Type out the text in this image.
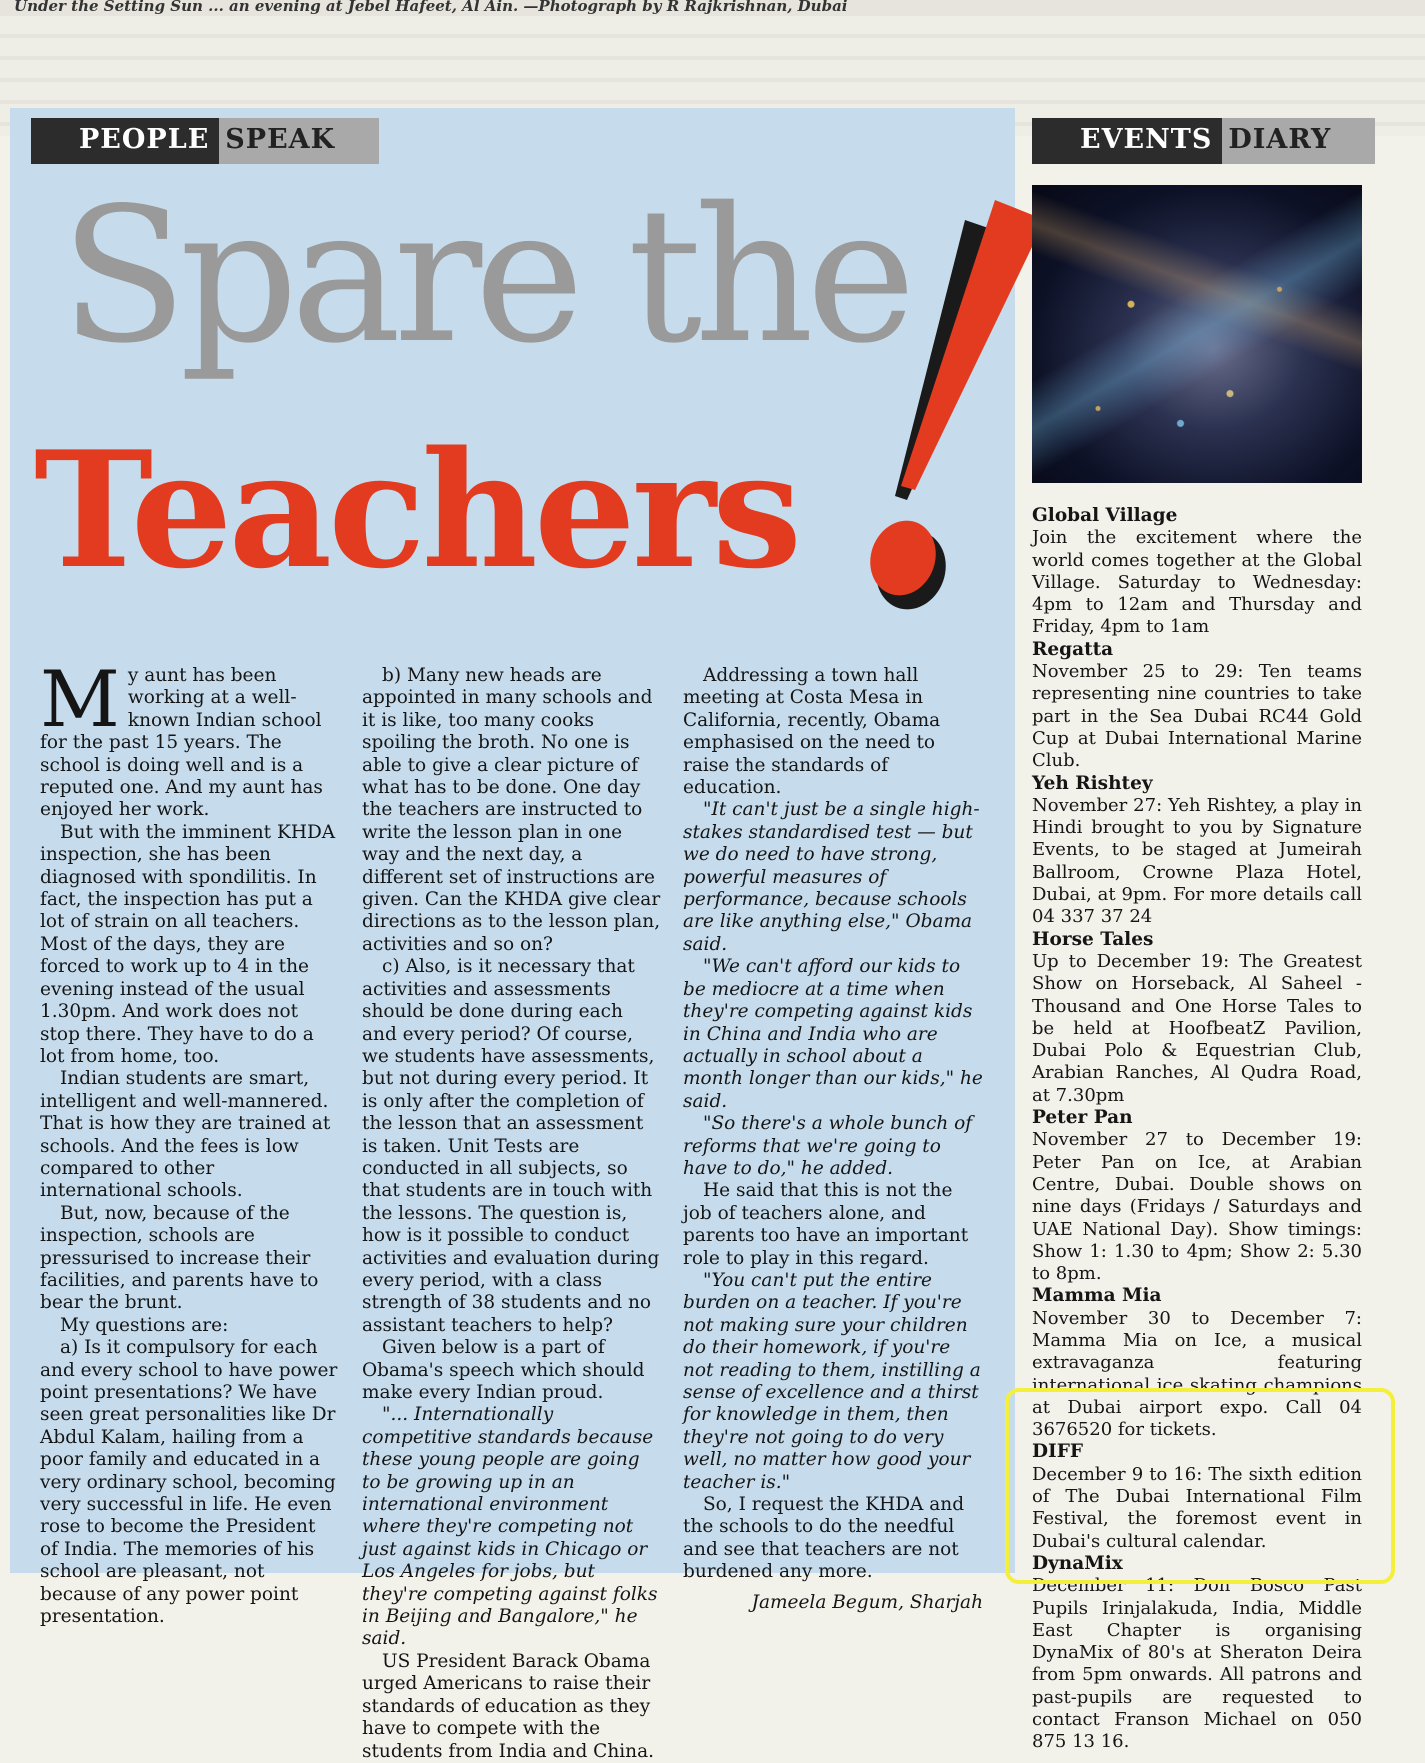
Under the Setting Sun ... an evening at Jebel Hafeet, Al Ain. —Photograph by R Rajkrishnan, Dubai
PEOPLE SPEAK
Spare the
Teachers

My aunt has been working at a well-known Indian school for the past 15 years. The school is doing well and is a reputed one. And my aunt has enjoyed her work.

But with the imminent KHDA inspection, she has been diagnosed with spondilitis. In fact, the inspection has put a lot of strain on all teachers. Most of the days, they are forced to work up to 4 in the evening instead of the usual 1.30pm. And work does not stop there. They have to do a lot from home, too.

Indian students are smart, intelligent and well-mannered. That is how they are trained at schools. And the fees is low compared to other international schools.

But, now, because of the inspection, schools are pressurised to increase their facilities, and parents have to bear the brunt.

My questions are:

a) Is it compulsory for each and every school to have power point presentations? We have seen great personalities like Dr Abdul Kalam, hailing from a poor family and educated in a very ordinary school, becoming very successful in life. He even rose to become the President of India. The memories of his school are pleasant, not because of any power point presentation.

b) Many new heads are appointed in many schools and it is like, too many cooks spoiling the broth. No one is able to give a clear picture of what has to be done. One day the teachers are instructed to write the lesson plan in one way and the next day, a different set of instructions are given. Can the KHDA give clear directions as to the lesson plan, activities and so on?

c) Also, is it necessary that activities and assessments should be done during each and every period? Of course, we students have assessments, but not during every period. It is only after the completion of the lesson that an assessment is taken. Unit Tests are conducted in all subjects, so that students are in touch with the lessons. The question is, how is it possible to conduct activities and evaluation during every period, with a class strength of 38 students and no assistant teachers to help?

Given below is a part of Obama's speech which should make every Indian proud.

"... Internationally competitive standards because these young people are going to be growing up in an international environment where they're competing not just against kids in Chicago or Los Angeles for jobs, but they're competing against folks in Beijing and Bangalore," he said.

US President Barack Obama urged Americans to raise their standards of education as they have to compete with the students from India and China.

Addressing a town hall meeting at Costa Mesa in California, recently, Obama emphasised on the need to raise the standards of education.

"It can't just be a single high-stakes standardised test — but we do need to have strong, powerful measures of performance, because schools are like anything else," Obama said.

"We can't afford our kids to be mediocre at a time when they're competing against kids in China and India who are actually in school about a month longer than our kids," he said.

"So there's a whole bunch of reforms that we're going to have to do," he added.

He said that this is not the job of teachers alone, and parents too have an important role to play in this regard.

"You can't put the entire burden on a teacher. If you're not making sure your children do their homework, if you're not reading to them, instilling a sense of excellence and a thirst for knowledge in them, then they're not going to do very well, no matter how good your teacher is."

So, I request the KHDA and the schools to do the needful and see that teachers are not burdened any more.

Jameela Begum, Sharjah

EVENTS DIARY
Global Village

Join the excitement where the world comes together at the Global Village. Saturday to Wednesday: 4pm to 12am and Thursday and Friday, 4pm to 1am

Regatta

November 25 to 29: Ten teams representing nine countries to take part in the Sea Dubai RC44 Gold Cup at Dubai International Marine Club.

Yeh Rishtey

November 27: Yeh Rishtey, a play in Hindi brought to you by Signature Events, to be staged at Jumeirah Ballroom, Crowne Plaza Hotel, Dubai, at 9pm. For more details call 04 337 37 24

Horse Tales

Up to December 19: The Greatest Show on Horseback, Al Saheel - Thousand and One Horse Tales to be held at HoofbeatZ Pavilion, Dubai Polo & Equestrian Club, Arabian Ranches, Al Qudra Road, at 7.30pm

Peter Pan

November 27 to December 19: Peter Pan on Ice, at Arabian Centre, Dubai. Double shows on nine days (Fridays / Saturdays and UAE National Day). Show timings: Show 1: 1.30 to 4pm; Show 2: 5.30 to 8pm.

Mamma Mia

November 30 to December 7: Mamma Mia on Ice, a musical extravaganza featuring international ice skating champions at Dubai airport expo. Call 04 3676520 for tickets.

DIFF

December 9 to 16: The sixth edition of The Dubai International Film Festival, the foremost event in Dubai's cultural calendar.

DynaMix

December 11: Don Bosco Past Pupils Irinjalakuda, India, Middle East Chapter is organising DynaMix of 80's at Sheraton Deira from 5pm onwards. All patrons and past-pupils are requested to contact Franson Michael on 050 875 13 16.
